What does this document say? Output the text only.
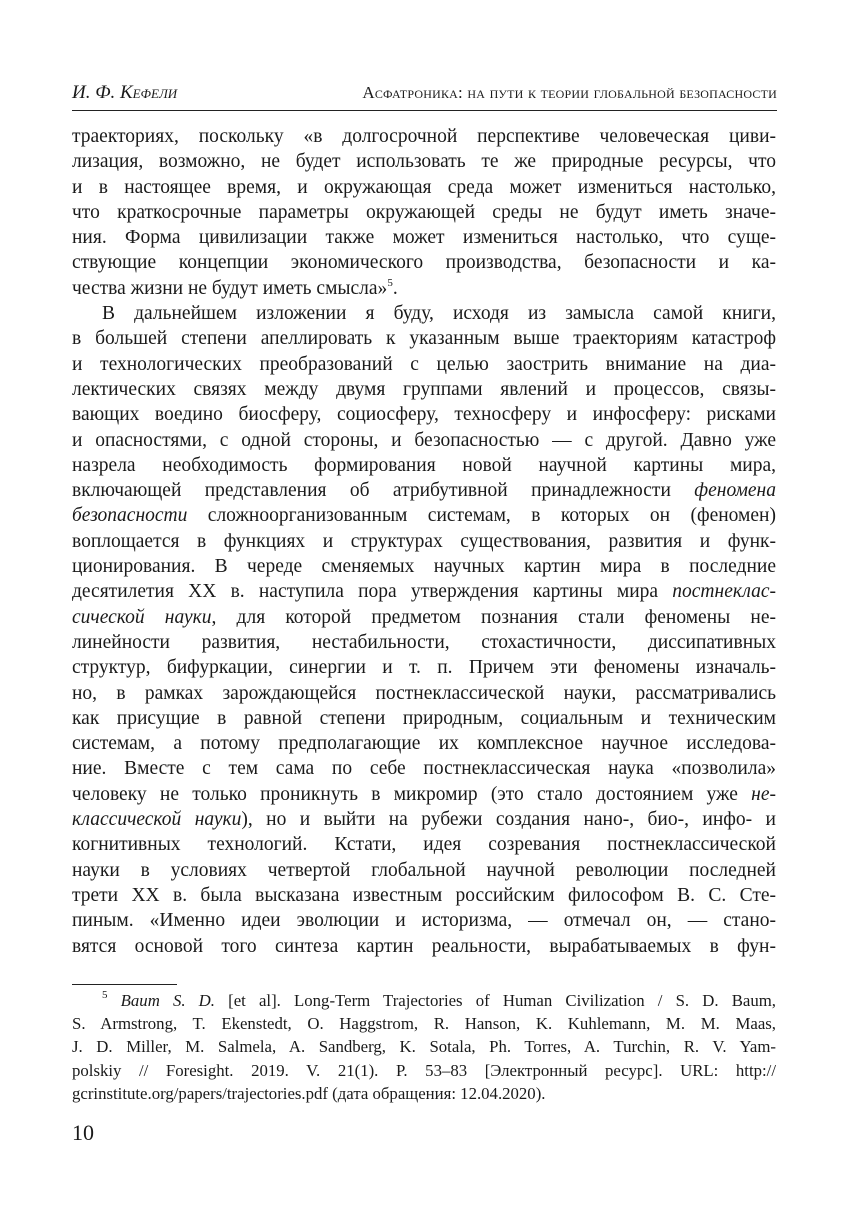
И. Ф. Кефели	Асфатроника: на пути к теории глобальной безопасности
траекториях, поскольку «в долгосрочной перспективе человеческая циви-
лизация, возможно, не будет использовать те же природные ресурсы, что
и в настоящее время, и окружающая среда может измениться настолько,
что краткосрочные параметры окружающей среды не будут иметь значе-
ния. Форма цивилизации также может измениться настолько, что суще-
ствующие концепции экономического производства, безопасности и ка-
чества жизни не будут иметь смысла»$^5$.
В дальнейшем изложении я буду, исходя из замысла самой книги,
в большей степени апеллировать к указанным выше траекториям катастроф
и технологических преобразований с целью заострить внимание на диа-
лектических связях между двумя группами явлений и процессов, связы-
вающих воедино биосферу, социосферу, техносферу и инфосферу: рисками
и опасностями, с одной стороны, и безопасностью — с другой. Давно уже
назрела необходимость формирования новой научной картины мира,
включающей представления об атрибутивной принадлежности феномена
безопасности сложноорганизованным системам, в которых он (феномен)
воплощается в функциях и структурах существования, развития и функ-
ционирования. В череде сменяемых научных картин мира в последние
десятилетия XX в. наступила пора утверждения картины мира постнеклас-
сической науки, для которой предметом познания стали феномены не-
линейности развития, нестабильности, стохастичности, диссипативных
структур, бифуркации, синергии и т. п. Причем эти феномены изначаль-
но, в рамках зарождающейся постнеклассической науки, рассматривались
как присущие в равной степени природным, социальным и техническим
системам, а потому предполагающие их комплексное научное исследова-
ние. Вместе с тем сама по себе постнеклассическая наука «позволила»
человеку не только проникнуть в микромир (это стало достоянием уже не-
классической науки), но и выйти на рубежи создания нано-, био-, инфо- и
когнитивных технологий. Кстати, идея созревания постнеклассической
науки в условиях четвертой глобальной научной революции последней
трети XX в. была высказана известным российским философом В. С. Сте-
пиным. «Именно идеи эволюции и историзма, — отмечал он, — стано-
вятся основой того синтеза картин реальности, вырабатываемых в фун-
$^5$ Baum S. D. [et al]. Long-Term Trajectories of Human Civilization / S. D. Baum,
S. Armstrong, T. Ekenstedt, O. Haggstrom, R. Hanson, K. Kuhlemann, M. M. Maas,
J. D. Miller, M. Salmela, A. Sandberg, K. Sotala, Ph. Torres, A. Turchin, R. V. Yam-
polskiy // Foresight. 2019. V. 21(1). P. 53–83 [Электронный ресурс]. URL: http://
gcrinstitute.org/papers/trajectories.pdf (дата обращения: 12.04.2020).
10
